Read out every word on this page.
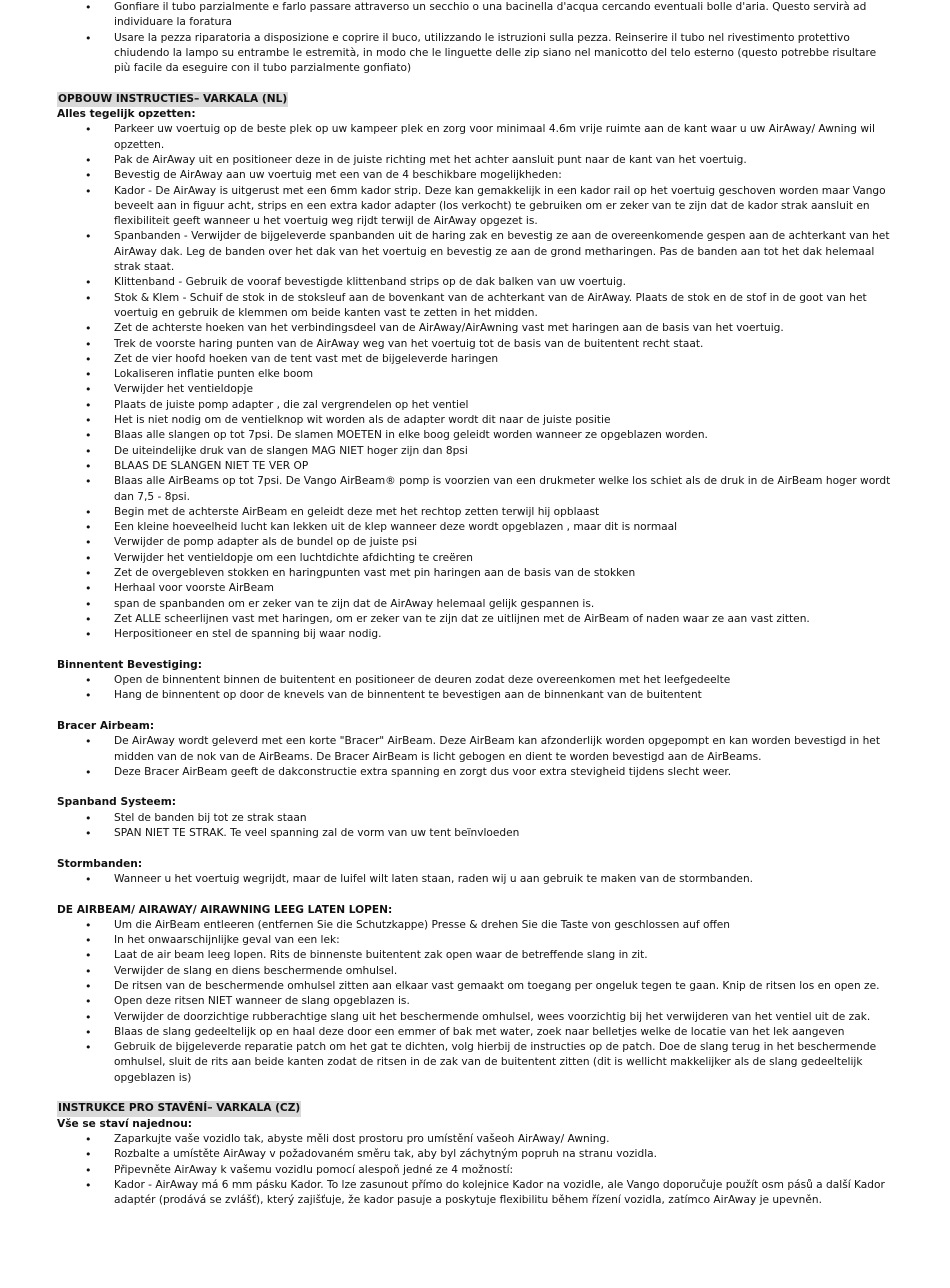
• Gonfiare il tubo parzialmente e farlo passare attraverso un secchio o una bacinella d'acqua cercando eventuali bolle d'aria. Questo servirà ad individuare la foratura
• Usare la pezza riparatoria a disposizione e coprire il buco, utilizzando le istruzioni sulla pezza. Reinserire il tubo nel rivestimento protettivo chiudendo la lampo su entrambe le estremità, in modo che le linguette delle zip siano nel manicotto del telo esterno (questo potrebbe risultare più facile da eseguire con il tubo parzialmente gonfiato)
OPBOUW INSTRUCTIES– VARKALA (NL)
Alles tegelijk opzetten:
• Parkeer uw voertuig op de beste plek op uw kampeer plek en zorg voor minimaal 4.6m vrije ruimte aan de kant waar u uw AirAway/ Awning wil opzetten.
• Pak de AirAway uit en positioneer deze in de juiste richting met het achter aansluit punt naar de kant van het voertuig.
• Bevestig de AirAway aan uw voertuig met een van de 4 beschikbare mogelijkheden:
• Kador - De AirAway is uitgerust met een 6mm kador strip. Deze kan gemakkelijk in een kador rail op het voertuig geschoven worden maar Vango beveelt aan in figuur acht, strips en een extra kador adapter (los verkocht) te gebruiken om er zeker van te zijn dat de kador strak aansluit en flexibiliteit geeft wanneer u het voertuig weg rijdt terwijl de AirAway opgezet is.
• Spanbanden - Verwijder de bijgeleverde spanbanden uit de haring zak en bevestig ze aan de overeenkomende gespen aan de achterkant van het AirAway dak. Leg de banden over het dak van het voertuig en bevestig ze aan de grond metharingen. Pas de banden aan tot het dak helemaal strak staat.
• Klittenband - Gebruik de vooraf bevestigde klittenband strips op de dak balken van uw voertuig.
• Stok & Klem - Schuif de stok in de stoksleuf aan de bovenkant van de achterkant van de AirAway. Plaats de stok en de stof in de goot van het voertuig en gebruik de klemmen om beide kanten vast te zetten in het midden.
• Zet de achterste hoeken van het verbindingsdeel van de AirAway/AirAwning vast met haringen aan de basis van het voertuig.
• Trek de voorste haring punten van de AirAway weg van het voertuig tot de basis van de buitentent recht staat.
• Zet de vier hoofd hoeken van de tent vast met de bijgeleverde haringen
• Lokaliseren inflatie punten elke boom
• Verwijder het ventieldopje
• Plaats de juiste pomp adapter , die zal vergrendelen op het ventiel
• Het is niet nodig om de ventielknop wit worden als de adapter wordt dit naar de juiste positie
• Blaas alle slangen op tot 7psi. De slamen MOETEN in elke boog geleidt worden wanneer ze opgeblazen worden.
• De uiteindelijke druk van de slangen MAG NIET hoger zijn dan 8psi
• BLAAS DE SLANGEN NIET TE VER OP
• Blaas alle AirBeams op tot 7psi. De Vango AirBeam® pomp is voorzien van een drukmeter welke los schiet als de druk in de AirBeam hoger wordt dan 7,5 - 8psi.
• Begin met de achterste AirBeam en geleidt deze met het rechtop zetten terwijl hij opblaast
• Een kleine hoeveelheid lucht kan lekken uit de klep wanneer deze wordt opgeblazen , maar dit is normaal
• Verwijder de pomp adapter als de bundel op de juiste psi
• Verwijder het ventieldopje om een luchtdichte afdichting te creëren
• Zet de overgebleven stokken en haringpunten vast met pin haringen aan de basis van de stokken
• Herhaal voor voorste AirBeam
• span de spanbanden om er zeker van te zijn dat de AirAway helemaal gelijk gespannen is.
• Zet ALLE scheerlijnen vast met haringen, om er zeker van te zijn dat ze uitlijnen met de AirBeam of naden waar ze aan vast zitten.
• Herpositioneer en stel de spanning bij waar nodig.
Binnentent Bevestiging:
• Open de binnentent binnen de buitentent en positioneer de deuren zodat deze overeenkomen met het leefgedeelte
• Hang de binnentent op door de knevels van de binnentent te bevestigen aan de binnenkant van de buitentent
Bracer Airbeam:
• De AirAway wordt geleverd met een korte "Bracer" AirBeam. Deze AirBeam kan afzonderlijk worden opgepompt en kan worden bevestigd in het midden van de nok van de AirBeams. De Bracer AirBeam is licht gebogen en dient te worden bevestigd aan de AirBeams.
• Deze Bracer AirBeam geeft de dakconstructie extra spanning en zorgt dus voor extra stevigheid tijdens slecht weer.
Spanband Systeem:
• Stel de banden bij tot ze strak staan
• SPAN NIET TE STRAK. Te veel spanning zal de vorm van uw tent beïnvloeden
Stormbanden:
• Wanneer u het voertuig wegrijdt, maar de luifel wilt laten staan, raden wij u aan gebruik te maken van de stormbanden.
DE AIRBEAM/ AIRAWAY/ AIRAWNING LEEG LATEN LOPEN:
• Um die AirBeam entleeren (entfernen Sie die Schutzkappe) Presse & drehen Sie die Taste von geschlossen auf offen
• In het onwaarschijnlijke geval van een lek:
• Laat de air beam leeg lopen. Rits de binnenste buitentent zak open waar de betreffende slang in zit.
• Verwijder de slang en diens beschermende omhulsel.
• De ritsen van de beschermende omhulsel zitten aan elkaar vast gemaakt om toegang per ongeluk tegen te gaan. Knip de ritsen los en open ze.
• Open deze ritsen NIET wanneer de slang opgeblazen is.
• Verwijder de doorzichtige rubberachtige slang uit het beschermende omhulsel, wees voorzichtig bij het verwijderen van het ventiel uit de zak.
• Blaas de slang gedeeltelijk op en haal deze door een emmer of bak met water, zoek naar belletjes welke de locatie van het lek aangeven
• Gebruik de bijgeleverde reparatie patch om het gat te dichten, volg hierbij de instructies op de patch. Doe de slang terug in het beschermende omhulsel, sluit de rits aan beide kanten zodat de ritsen in de zak van de buitentent zitten (dit is wellicht makkelijker als de slang gedeeltelijk opgeblazen is)
INSTRUKCE PRO STAVĚNÍ– VARKALA (CZ)
Vše se staví najednou:
• Zaparkujte vaše vozidlo tak, abyste měli dost prostoru pro umístění vašeoh AirAway/ Awning.
• Rozbalte a umístěte AirAway v požadovaném směru tak, aby byl záchytným popruh na stranu vozidla.
• Připevněte AirAway k vašemu vozidlu pomocí alespoň jedné ze 4 možností:
• Kador - AirAway má 6 mm pásku Kador. To lze zasunout přímo do kolejnice Kador na vozidle, ale Vango doporučuje použít osm pásů a další Kador adaptér (prodává se zvlášť), který zajišťuje, že kador pasuje a poskytuje flexibilitu během řízení vozidla, zatímco AirAway je upevněn.
